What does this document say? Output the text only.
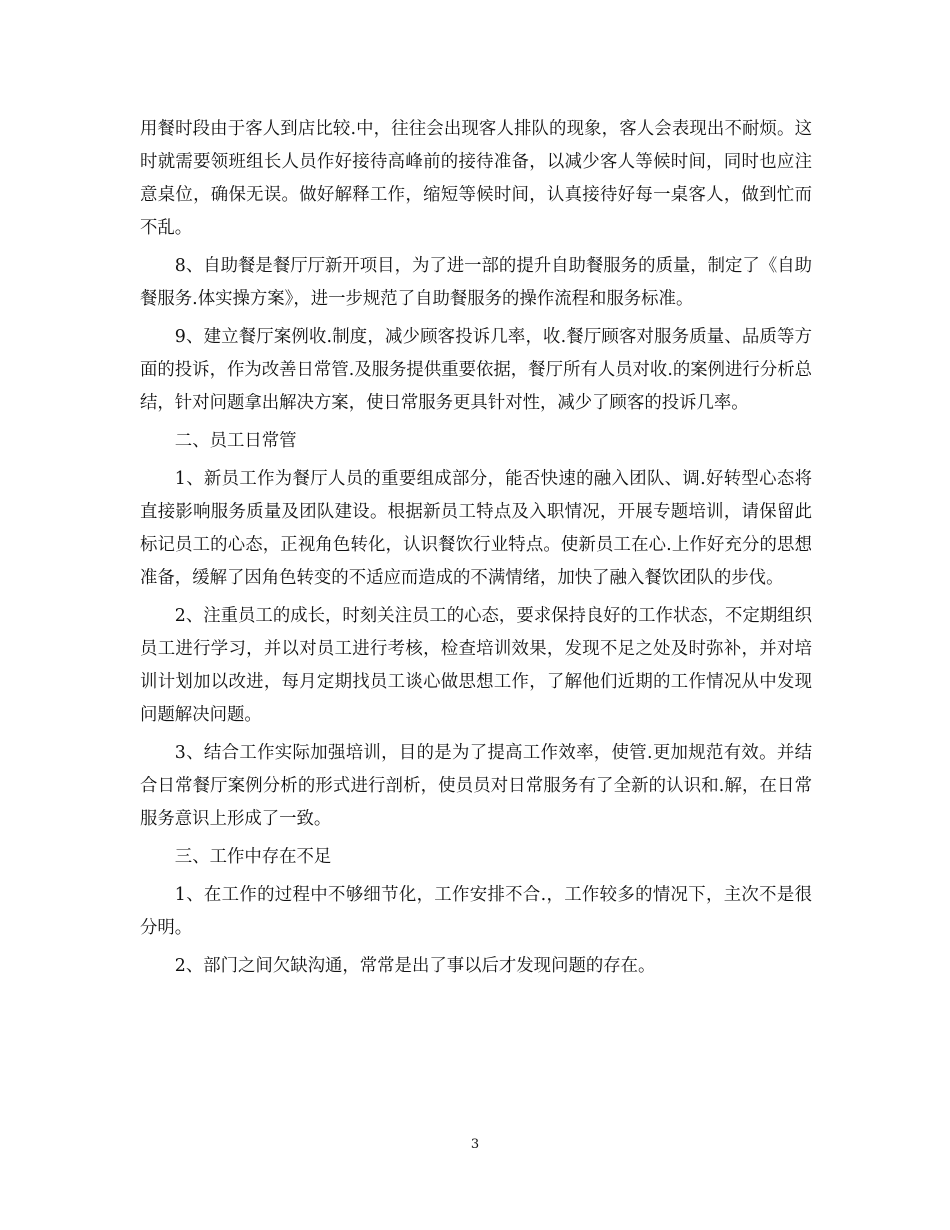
用餐时段由于客人到店比较.中，往往会出现客人排队的现象，客人会表现出不耐烦。这时就需要领班组长人员作好接待高峰前的接待准备，以减少客人等候时间，同时也应注意桌位，确保无误。做好解释工作，缩短等候时间，认真接待好每一桌客人，做到忙而不乱。

8、自助餐是餐厅厅新开项目，为了进一部的提升自助餐服务的质量，制定了《自助餐服务.体实操方案》，进一步规范了自助餐服务的操作流程和服务标准。

9、建立餐厅案例收.制度，减少顾客投诉几率，收.餐厅顾客对服务质量、品质等方面的投诉，作为改善日常管.及服务提供重要依据，餐厅所有人员对收.的案例进行分析总结，针对问题拿出解决方案，使日常服务更具针对性，减少了顾客的投诉几率。

二、员工日常管

1、新员工作为餐厅人员的重要组成部分，能否快速的融入团队、调.好转型心态将直接影响服务质量及团队建设。根据新员工特点及入职情况，开展专题培训，请保留此标记员工的心态，正视角色转化，认识餐饮行业特点。使新员工在心.上作好充分的思想准备，缓解了因角色转变的不适应而造成的不满情绪，加快了融入餐饮团队的步伐。

2、注重员工的成长，时刻关注员工的心态，要求保持良好的工作状态，不定期组织员工进行学习，并以对员工进行考核，检查培训效果，发现不足之处及时弥补，并对培训计划加以改进，每月定期找员工谈心做思想工作，了解他们近期的工作情况从中发现问题解决问题。

3、结合工作实际加强培训，目的是为了提高工作效率，使管.更加规范有效。并结合日常餐厅案例分析的形式进行剖析，使员员对日常服务有了全新的认识和.解，在日常服务意识上形成了一致。

三、工作中存在不足

1、在工作的过程中不够细节化，工作安排不合.，工作较多的情况下，主次不是很分明。

2、部门之间欠缺沟通，常常是出了事以后才发现问题的存在。

3
